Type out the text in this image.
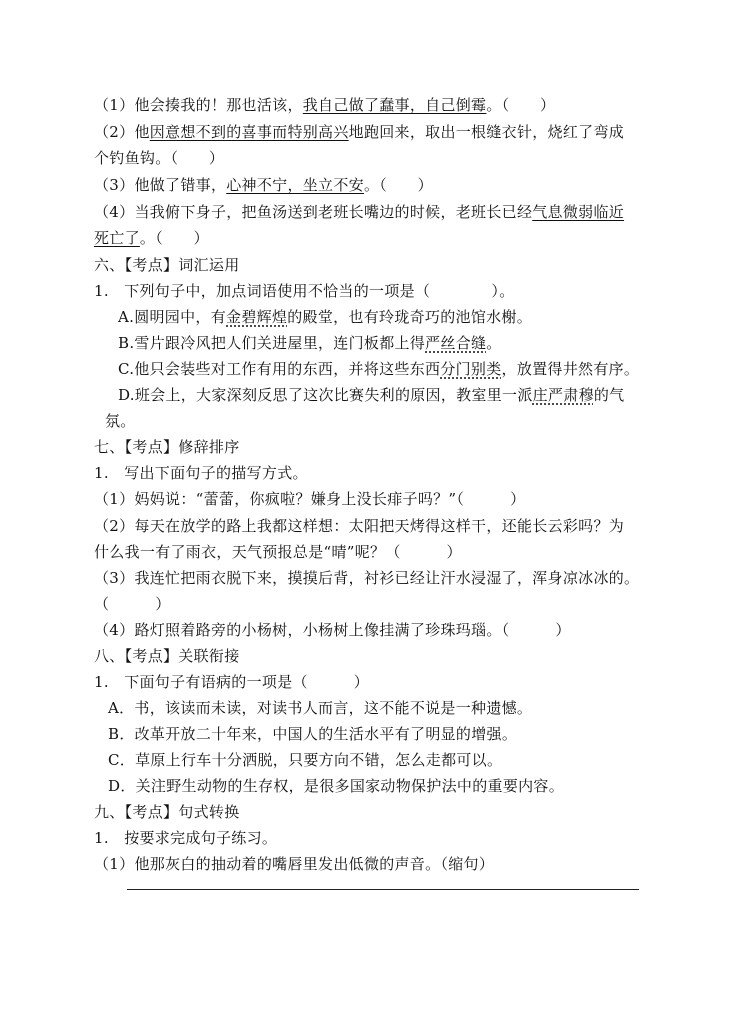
（1）他会揍我的！那也活该，我自己做了蠢事，自己倒霉。（　　）
（2）他因意想不到的喜事而特别高兴地跑回来，取出一根缝衣针，烧红了弯成
个钓鱼钩。（　　）
（3）他做了错事，心神不宁，坐立不安。（　　）
（4）当我俯下身子，把鱼汤送到老班长嘴边的时候，老班长已经气息微弱临近
死亡了。（　　）
六、【考点】词汇运用
1.　下列句子中，加点词语使用不恰当的一项是（　　　　）。
A.圆明园中，有金碧辉煌的殿堂，也有玲珑奇巧的池馆水榭。
B.雪片跟冷风把人们关进屋里，连门板都上得严丝合缝。
C.他只会装些对工作有用的东西，并将这些东西分门别类，放置得井然有序。
D.班会上，大家深刻反思了这次比赛失利的原因，教室里一派庄严肃穆的气
氛。
七、【考点】修辞排序
1.　写出下面句子的描写方式。
（1）妈妈说：“蕾蕾，你疯啦？嫌身上没长痱子吗？”（　　　）
（2）每天在放学的路上我都这样想：太阳把天烤得这样干，还能长云彩吗？为
什么我一有了雨衣，天气预报总是“晴”呢？（　　　）
（3）我连忙把雨衣脱下来，摸摸后背，衬衫已经让汗水浸湿了，浑身凉冰冰的。
（　　　）
（4）路灯照着路旁的小杨树，小杨树上像挂满了珍珠玛瑙。（　　　）
八、【考点】关联衔接
1.　下面句子有语病的一项是（　　　）
A．书，该读而未读，对读书人而言，这不能不说是一种遗憾。
B．改革开放二十年来，中国人的生活水平有了明显的增强。
C．草原上行车十分洒脱，只要方向不错，怎么走都可以。
D．关注野生动物的生存权，是很多国家动物保护法中的重要内容。
九、【考点】句式转换
1.　按要求完成句子练习。
（1）他那灰白的抽动着的嘴唇里发出低微的声音。（缩句）
